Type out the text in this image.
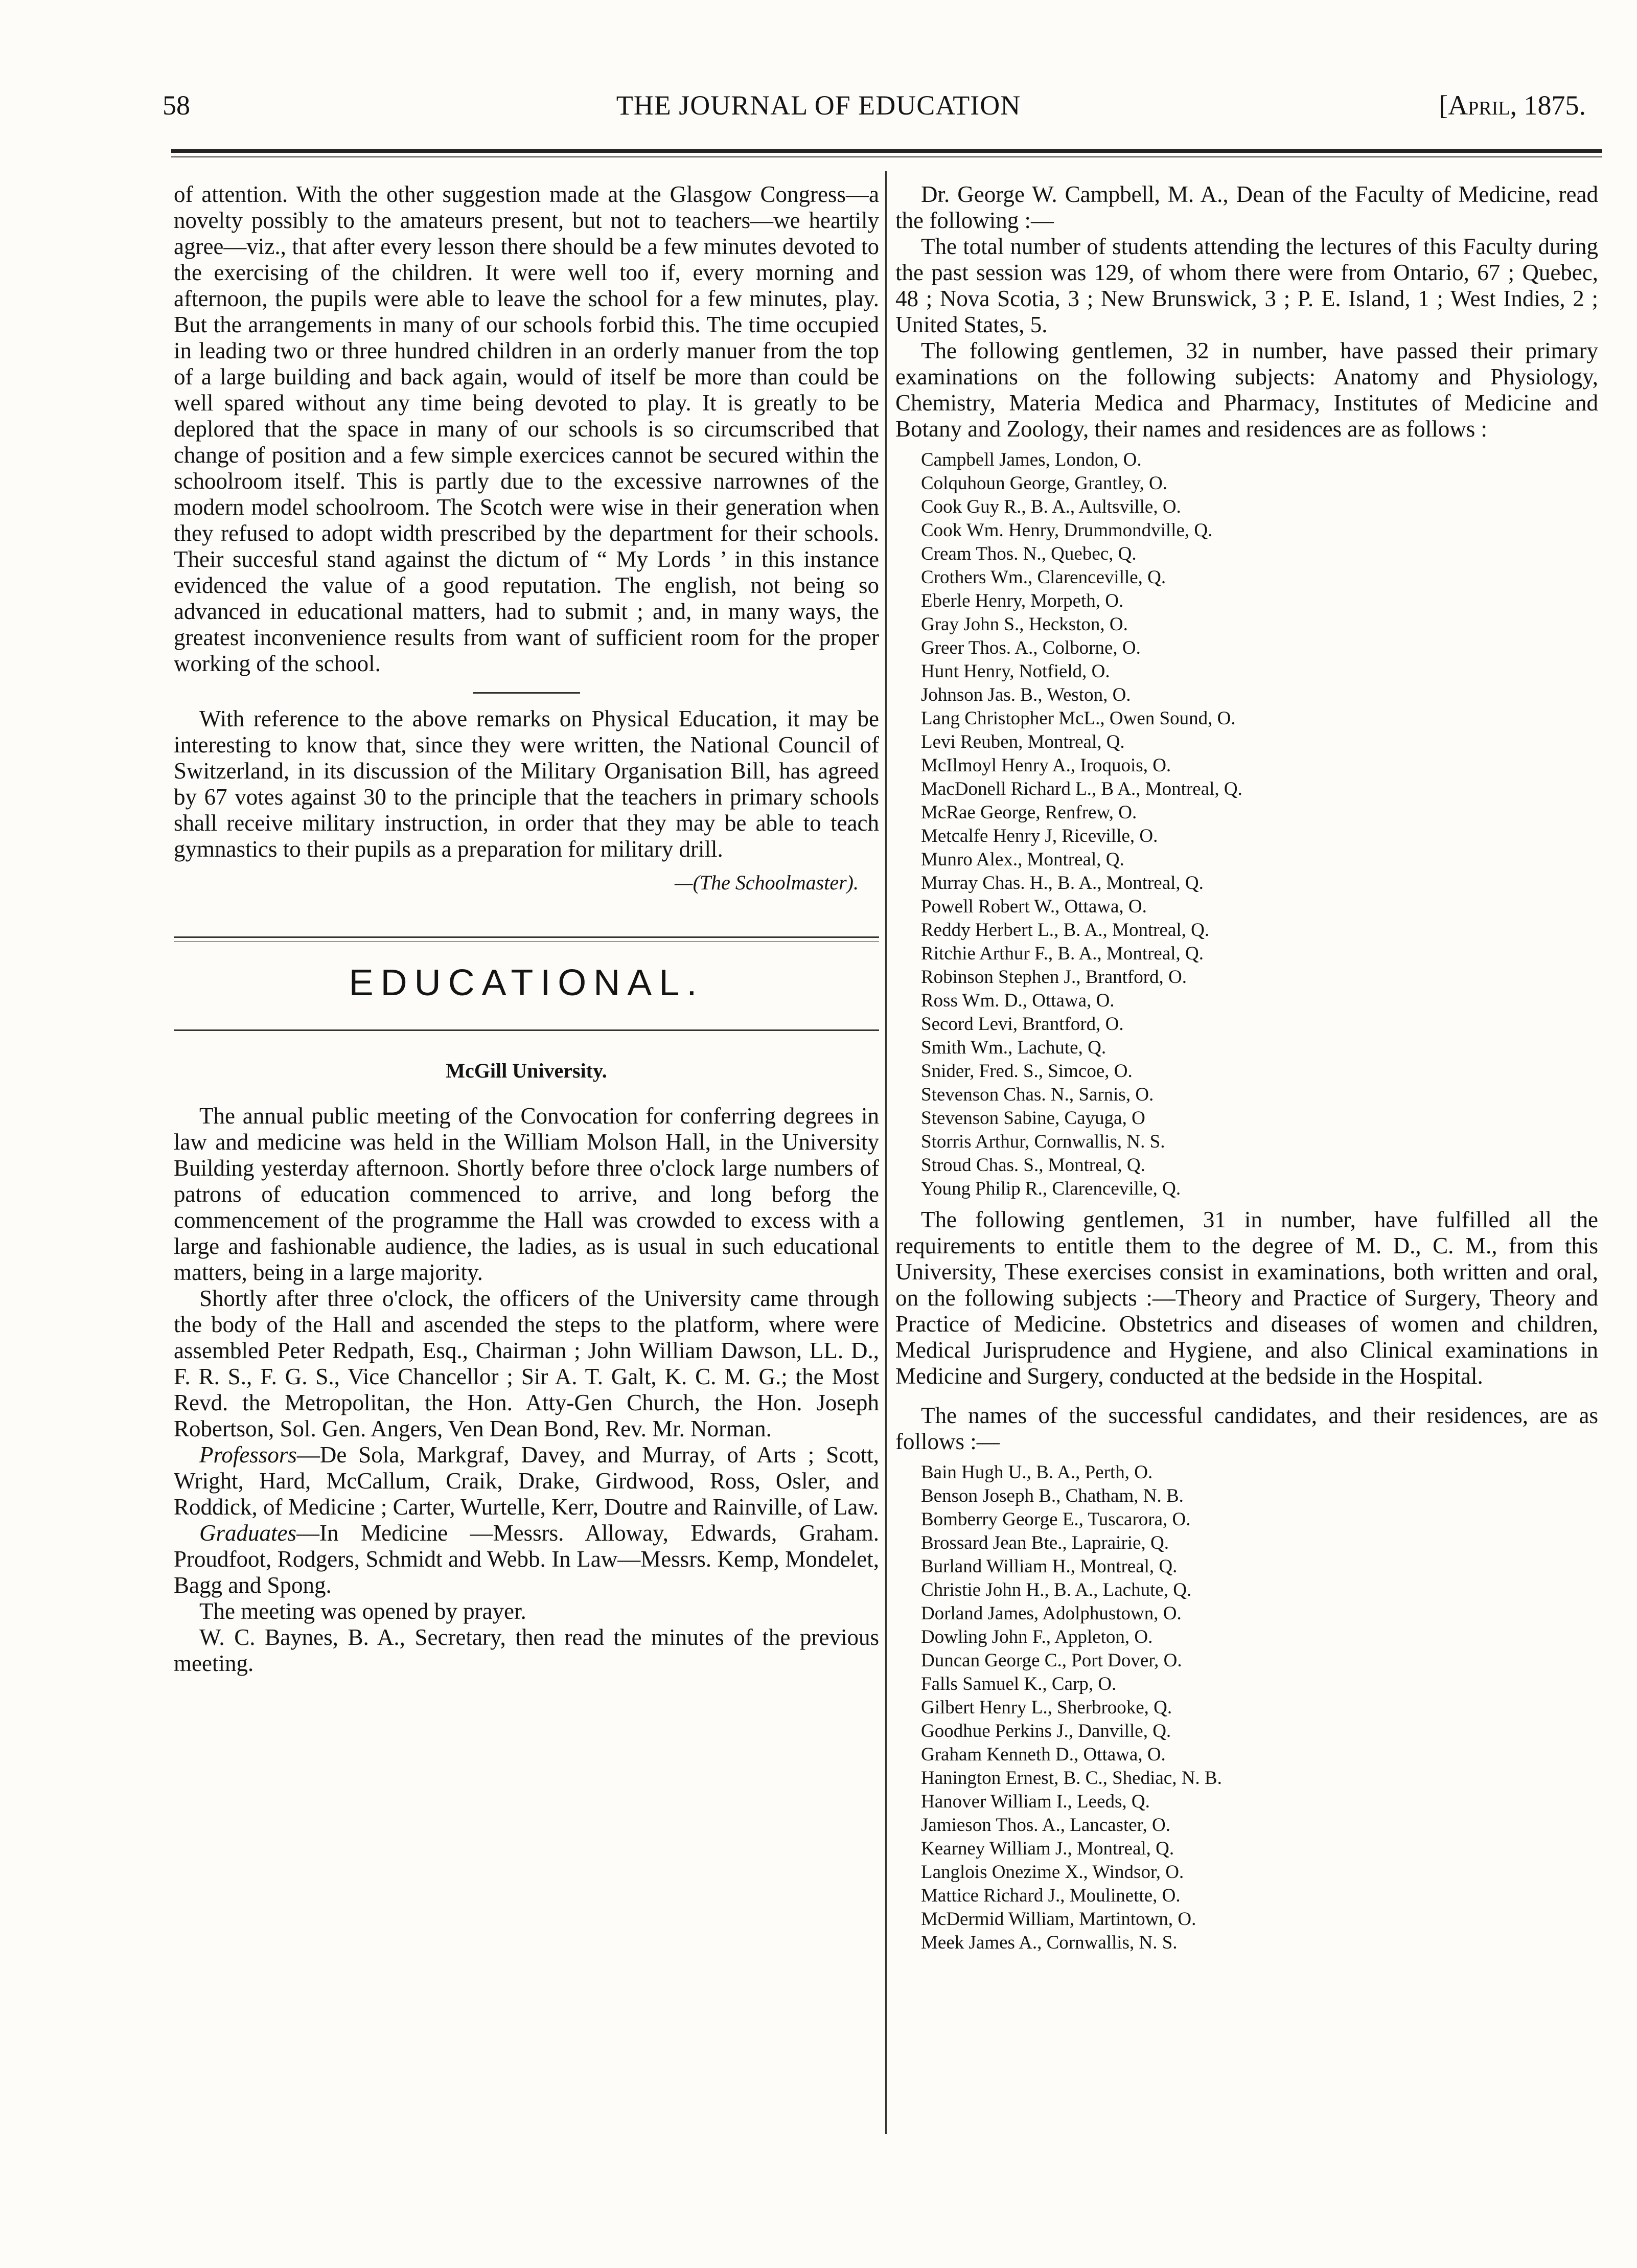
58	THE JOURNAL OF EDUCATION	[April, 1875.

of attention. With the other suggestion made at the Glasgow Congress—a novelty possibly to the amateurs present, but not to teachers—we heartily agree—viz., that after every lesson there should be a few minutes devoted to the exercising of the children. It were well too if, every morning and afternoon, the pupils were able to leave the school for a few minutes, play. But the arrangements in many of our schools forbid this. The time occupied in leading two or three hundred children in an orderly manuer from the top of a large building and back again, would of itself be more than could be well spared without any time being devoted to play. It is greatly to be deplored that the space in many of our schools is so circumscribed that change of position and a few simple exercices cannot be secured within the schoolroom itself. This is partly due to the excessive narrownes of the modern model schoolroom. The Scotch were wise in their generation when they refused to adopt width prescribed by the department for their schools. Their succesful stand against the dictum of “ My Lords ’ in this instance evidenced the value of a good reputation. The english, not being so advanced in educational matters, had to submit ; and, in many ways, the greatest inconvenience results from want of sufficient room for the proper working of the school.

With reference to the above remarks on Physical Education, it may be interesting to know that, since they were written, the National Council of Switzerland, in its discussion of the Military Organisation Bill, has agreed by 67 votes against 30 to the principle that the teachers in primary schools shall receive military instruction, in order that they may be able to teach gymnastics to their pupils as a preparation for military drill.

—(The Schoolmaster).
EDUCATIONAL.
McGill University.

The annual public meeting of the Convocation for conferring degrees in law and medicine was held in the William Molson Hall, in the University Building yesterday afternoon. Shortly before three o'clock large numbers of patrons of education commenced to arrive, and long beforg the commencement of the programme the Hall was crowded to excess with a large and fashionable audience, the ladies, as is usual in such educational matters, being in a large majority.

Shortly after three o'clock, the officers of the University came through the body of the Hall and ascended the steps to the platform, where were assembled Peter Redpath, Esq., Chairman ; John William Dawson, LL. D., F. R. S., F. G. S., Vice Chancellor ; Sir A. T. Galt, K. C. M. G.; the Most Revd. the Metropolitan, the Hon. Atty-Gen Church, the Hon. Joseph Robertson, Sol. Gen. Angers, Ven Dean Bond, Rev. Mr. Norman.

Professors—De Sola, Markgraf, Davey, and Murray, of Arts ; Scott, Wright, Hard, McCallum, Craik, Drake, Girdwood, Ross, Osler, and Roddick, of Medicine ; Carter, Wurtelle, Kerr, Doutre and Rainville, of Law.

Graduates—In Medicine —Messrs. Alloway, Edwards, Graham. Proudfoot, Rodgers, Schmidt and Webb. In Law—Messrs. Kemp, Mondelet, Bagg and Spong.

The meeting was opened by prayer.

W. C. Baynes, B. A., Secretary, then read the minutes of the previous meeting.

Dr. George W. Campbell, M. A., Dean of the Faculty of Medicine, read the following :—

The total number of students attending the lectures of this Faculty during the past session was 129, of whom there were from Ontario, 67 ; Quebec, 48 ; Nova Scotia, 3 ; New Brunswick, 3 ; P. E. Island, 1 ; West Indies, 2 ; United States, 5.

The following gentlemen, 32 in number, have passed their primary examinations on the following subjects: Anatomy and Physiology, Chemistry, Materia Medica and Pharmacy, Institutes of Medicine and Botany and Zoology, their names and residences are as follows :

Campbell James, London, O.
Colquhoun George, Grantley, O.
Cook Guy R., B. A., Aultsville, O.
Cook Wm. Henry, Drummondville, Q.
Cream Thos. N., Quebec, Q.
Crothers Wm., Clarenceville, Q.
Eberle Henry, Morpeth, O.
Gray John S., Heckston, O.
Greer Thos. A., Colborne, O.
Hunt Henry, Notfield, O.
Johnson Jas. B., Weston, O.
Lang Christopher McL., Owen Sound, O.
Levi Reuben, Montreal, Q.
McIlmoyl Henry A., Iroquois, O.
MacDonell Richard L., B A., Montreal, Q.
McRae George, Renfrew, O.
Metcalfe Henry J, Riceville, O.
Munro Alex., Montreal, Q.
Murray Chas. H., B. A., Montreal, Q.
Powell Robert W., Ottawa, O.
Reddy Herbert L., B. A., Montreal, Q.
Ritchie Arthur F., B. A., Montreal, Q.
Robinson Stephen J., Brantford, O.
Ross Wm. D., Ottawa, O.
Secord Levi, Brantford, O.
Smith Wm., Lachute, Q.
Snider, Fred. S., Simcoe, O.
Stevenson Chas. N., Sarnis, O.
Stevenson Sabine, Cayuga, O
Storris Arthur, Cornwallis, N. S.
Stroud Chas. S., Montreal, Q.
Young Philip R., Clarenceville, Q.

The following gentlemen, 31 in number, have fulfilled all the requirements to entitle them to the degree of M. D., C. M., from this University, These exercises consist in examinations, both written and oral, on the following subjects :—Theory and Practice of Surgery, Theory and Practice of Medicine. Obstetrics and diseases of women and children, Medical Jurisprudence and Hygiene, and also Clinical examinations in Medicine and Surgery, conducted at the bedside in the Hospital.

The names of the successful candidates, and their residences, are as follows :—

Bain Hugh U., B. A., Perth, O.
Benson Joseph B., Chatham, N. B.
Bomberry George E., Tuscarora, O.
Brossard Jean Bte., Laprairie, Q.
Burland William H., Montreal, Q.
Christie John H., B. A., Lachute, Q.
Dorland James, Adolphustown, O.
Dowling John F., Appleton, O.
Duncan George C., Port Dover, O.
Falls Samuel K., Carp, O.
Gilbert Henry L., Sherbrooke, Q.
Goodhue Perkins J., Danville, Q.
Graham Kenneth D., Ottawa, O.
Hanington Ernest, B. C., Shediac, N. B.
Hanover William I., Leeds, Q.
Jamieson Thos. A., Lancaster, O.
Kearney William J., Montreal, Q.
Langlois Onezime X., Windsor, O.
Mattice Richard J., Moulinette, O.
McDermid William, Martintown, O.
Meek James A., Cornwallis, N. S.
